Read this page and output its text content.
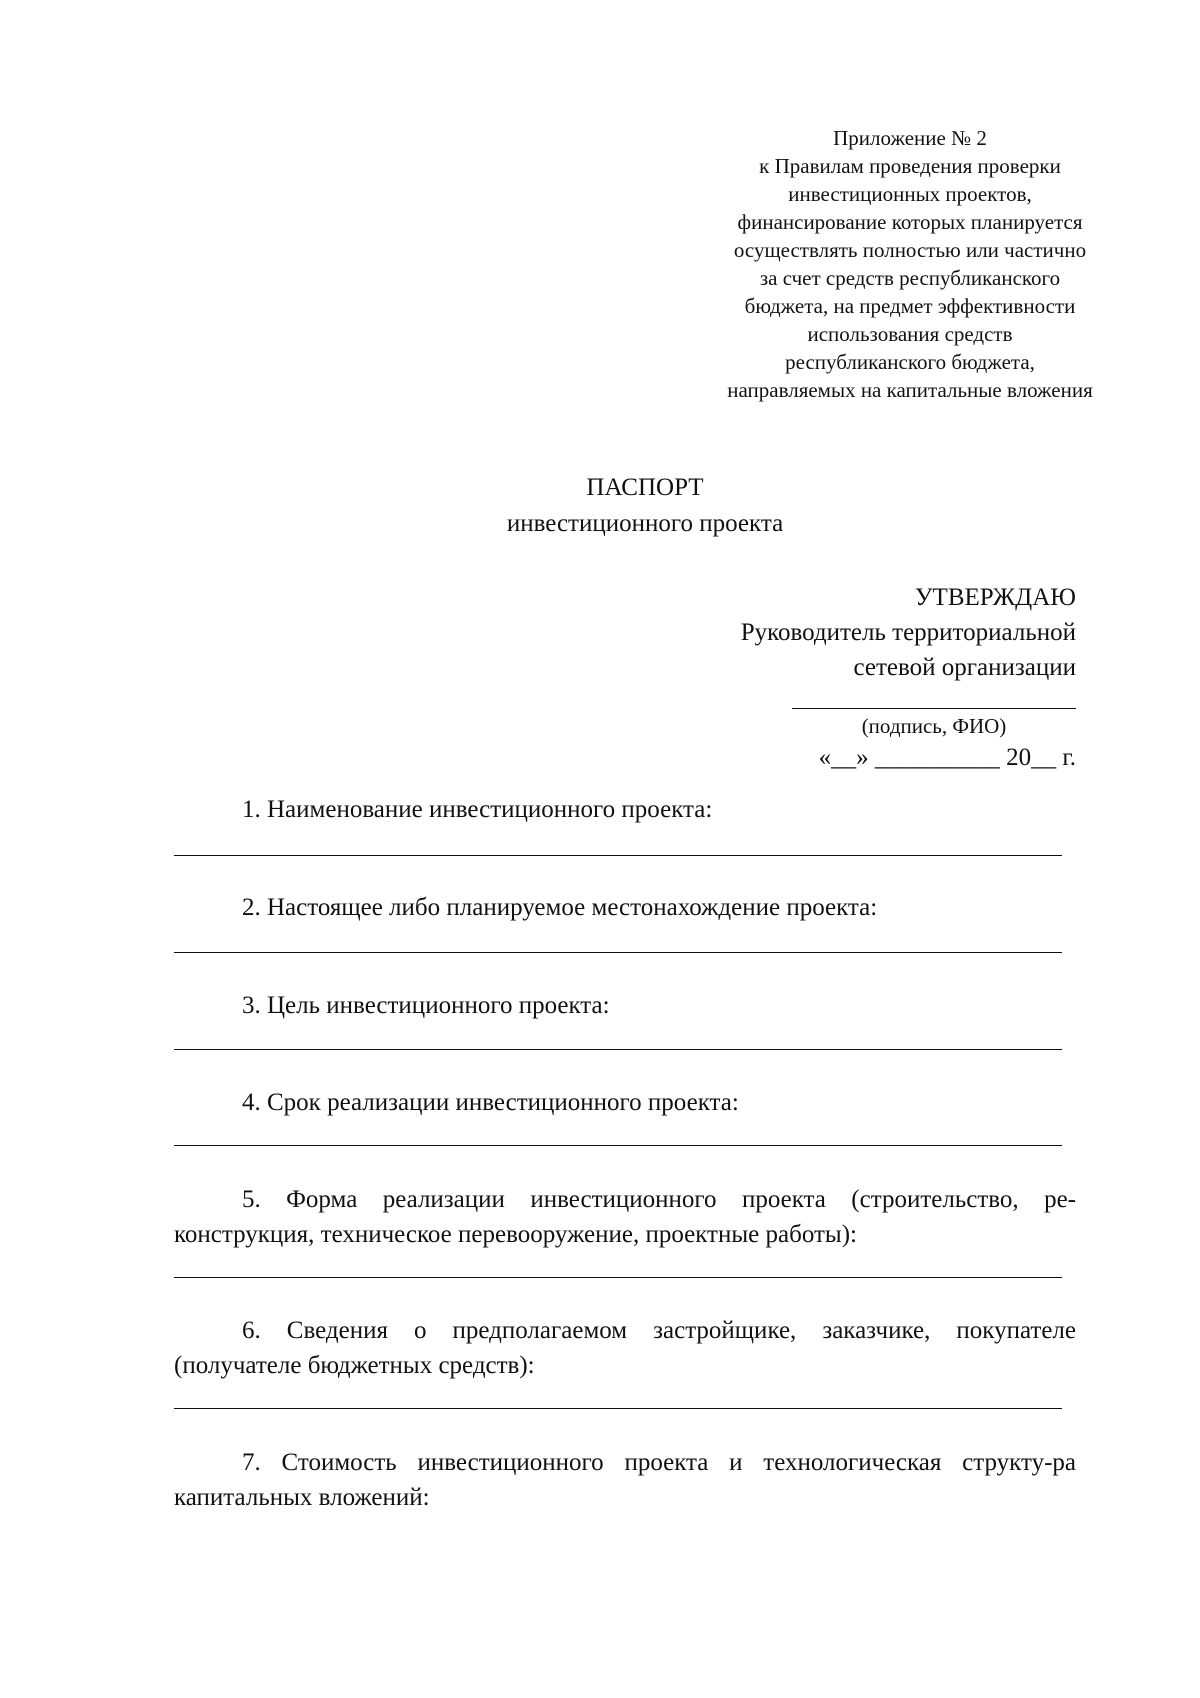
Приложение № 2
к Правилам проведения проверки
инвестиционных проектов,
финансирование которых планируется
осуществлять полностью или частично
за счет средств республиканского
бюджета, на предмет эффективности
использования средств
республиканского бюджета,
направляемых на капитальные вложения
ПАСПОРТ
инвестиционного проекта
УТВЕРЖДАЮ
Руководитель территориальной
сетевой организации
(подпись, ФИО)
«__» __________ 20__ г.
1. Наименование инвестиционного проекта:
2. Настоящее либо планируемое местонахождение проекта:
3. Цель инвестиционного проекта:
4. Срок реализации инвестиционного проекта:
5. Форма реализации инвестиционного проекта (строительство, ре-конструкция, техническое перевооружение, проектные работы):
6. Сведения о предполагаемом застройщике, заказчике, покупателе (получателе бюджетных средств):
7. Стоимость инвестиционного проекта и технологическая структу-ра капитальных вложений:
